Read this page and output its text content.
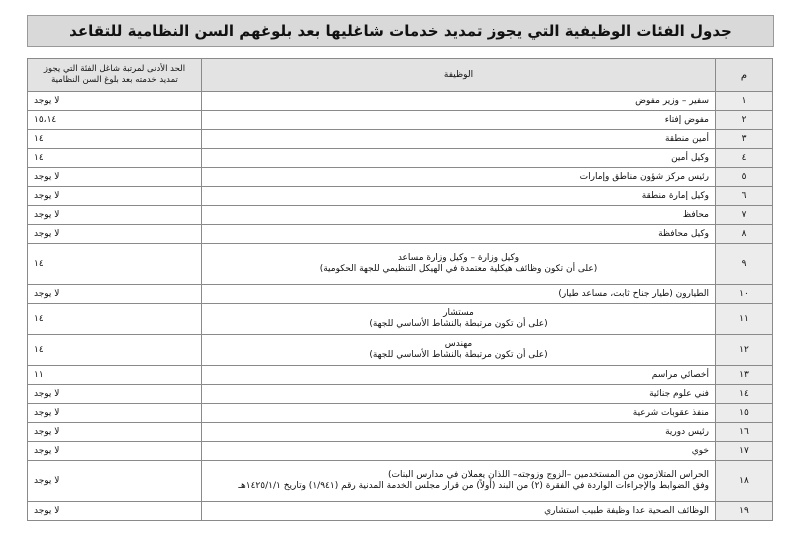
جدول الفئات الوظيفية التي يجوز تمديد خدمات شاغليها بعد بلوغهم السن النظامية للتقاعد
م	الوظيفة	الحد الأدنى لمرتبة شاغل الفئة التي يجوز
تمديد خدمته بعد بلوغ السن النظامية

١	سفير – وزير مفوض	لا يوجد
٢	مفوض إفتاء	١٥،١٤
٣	أمين منطقة	١٤
٤	وكيل أمين	١٤
٥	رئيس مركز شؤون مناطق وإمارات	لا يوجد
٦	وكيل إمارة منطقة	لا يوجد
٧	محافظ	لا يوجد
٨	وكيل محافظة	لا يوجد
٩	وكيل وزارة – وكيل وزارة مساعد
(على أن تكون وظائف هيكلية معتمدة في الهيكل التنظيمي للجهة الحكومية)	١٤
١٠	الطيارون (طيار جناح ثابت، مساعد طيار)	لا يوجد
١١	مستشار
(على أن تكون مرتبطة بالنشاط الأساسي للجهة)	١٤
١٢	مهندس
(على أن تكون مرتبطة بالنشاط الأساسي للجهة)	١٤
١٣	أخصائي مراسم	١١
١٤	فني علوم جنائية	لا يوجد
١٥	منفذ عقوبات شرعية	لا يوجد
١٦	رئيس دورية	لا يوجد
١٧	خوي	لا يوجد
١٨	الحراس المتلازمون من المستخدمين –الزوج وزوجته– اللذان يعملان في مدارس البنات)
وفق الضوابط والإجراءات الواردة في الفقرة (٢) من البند (أولاً) من قرار مجلس الخدمة المدنية رقم (١/٩٤١) وتاريخ ١٤٢٥/١/١هـ	لا يوجد
١٩	الوظائف الصحية عدا وظيفة طبيب استشاري	لا يوجد
